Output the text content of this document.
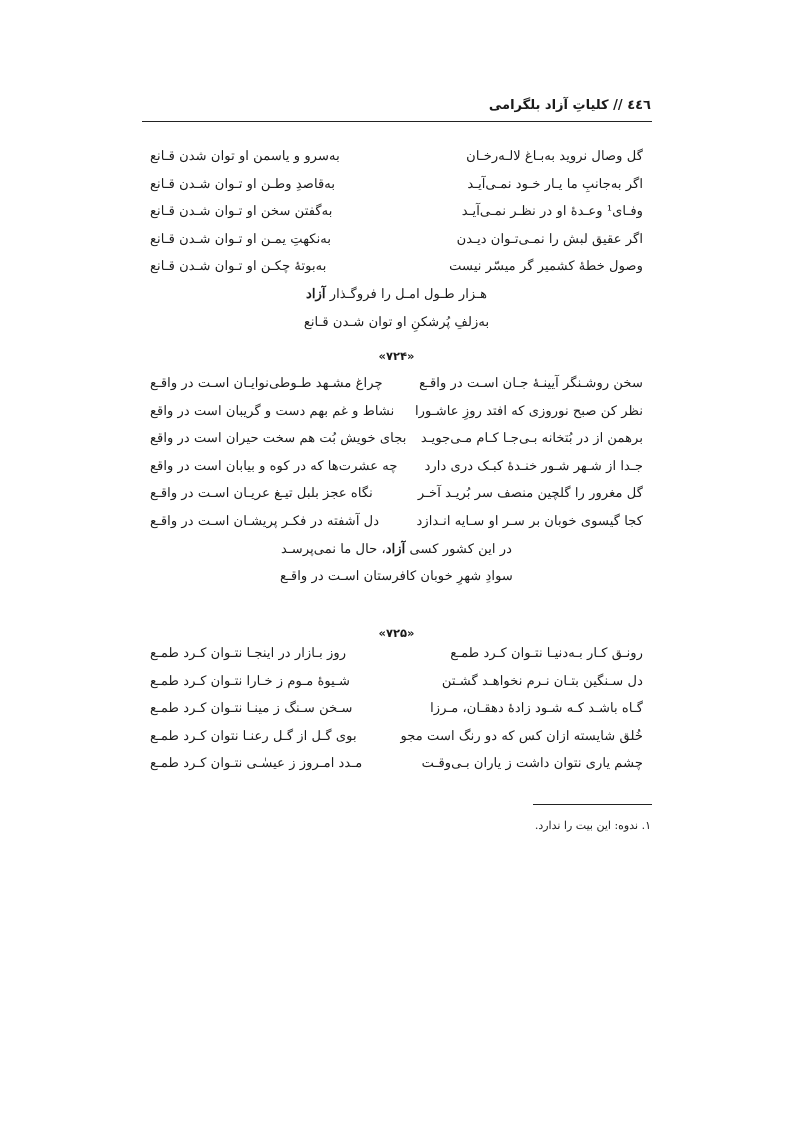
٤٤٦ // کلیاتِ آزاد بلگرامی
گل وصال نروید به‌بـاغ لالـه‌رخـان
به‌سرو و یاسمن او توان شدن قـانع
اگر به‌جانبِ ما یـار خـود نمـی‌آیـد
به‌قاصدِ وطـن او تـوان شـدن قـانع
وفـای¹ وعـدهٔ او در نظـر نمـی‌آیـد
به‌گفتن سخن او تـوان شـدن قـانع
اگر عقیق لبش را نمـی‌تـوان دیـدن
به‌نکهتِ یمـن او تـوان شـدن قـانع
وصول خطهٔ کشمیر گر میسّر نیست
به‌بوتهٔ چکـن او تـوان شـدن قـانع
هـزار طـول امـل را فروگـذار آزاد
به‌زلفِ پُرشکنِ او توان شـدن قـانع
«۷۲۴»
سخن روشـنگر آیینـهٔ جـان اسـت در واقـع
چراغ مشـهد طـوطی‌نوایـان اسـت در واقـع
نظر کن صبح نوروزی که افتد روزِ عاشـورا
نشاط و غم بهم دست و گریبان است در واقع
برهمن از در بُتخانه بـی‌جـا کـام مـی‌جویـد
بجای خویش بُت هم سخت حیران است در واقع
جـدا از شـهر شـور خنـدهٔ کبـک دری دارد
چه عشرت‌ها که در کوه و بیابان است در واقع
گل مغرور را گلچین منصف سر بُریـد آخـر
نگاه عجز بلبل تیـغ عریـان اسـت در واقـع
کجا گیسوی خوبان بر سـر او سـایه انـدازد
دل آشفته در فکـر پریشـان اسـت در واقـع
در این کشور کسی آزاد، حال ما نمی‌پرسـد
سوادِ شهرِ خوبان کافرستان اسـت در واقـع
«۷۲۵»
رونـق کـار بـه‌دنیـا نتـوان کـرد طمـع
روز بـازار در اینجـا نتـوان کـرد طمـع
دل سـنگین بتـان نـرم نخواهـد گشـتن
شـیوهٔ مـوم ز خـارا نتـوان کـرد طمـع
گـاه باشـد کـه شـود زادهٔ دهقـان، مـرزا
سـخن سـنگ ز مینـا نتـوان کـرد طمـع
خُلق شایسته ازان کس که دو رنگ است مجو
بوی گـل از گـل رعنـا نتوان کـرد طمـع
چشم یاری نتوان داشت ز یاران بـی‌وقـت
مـدد امـروز ز عیسٰـی نتـوان کـرد طمـع
۱. ندوه: این بیت را ندارد.
